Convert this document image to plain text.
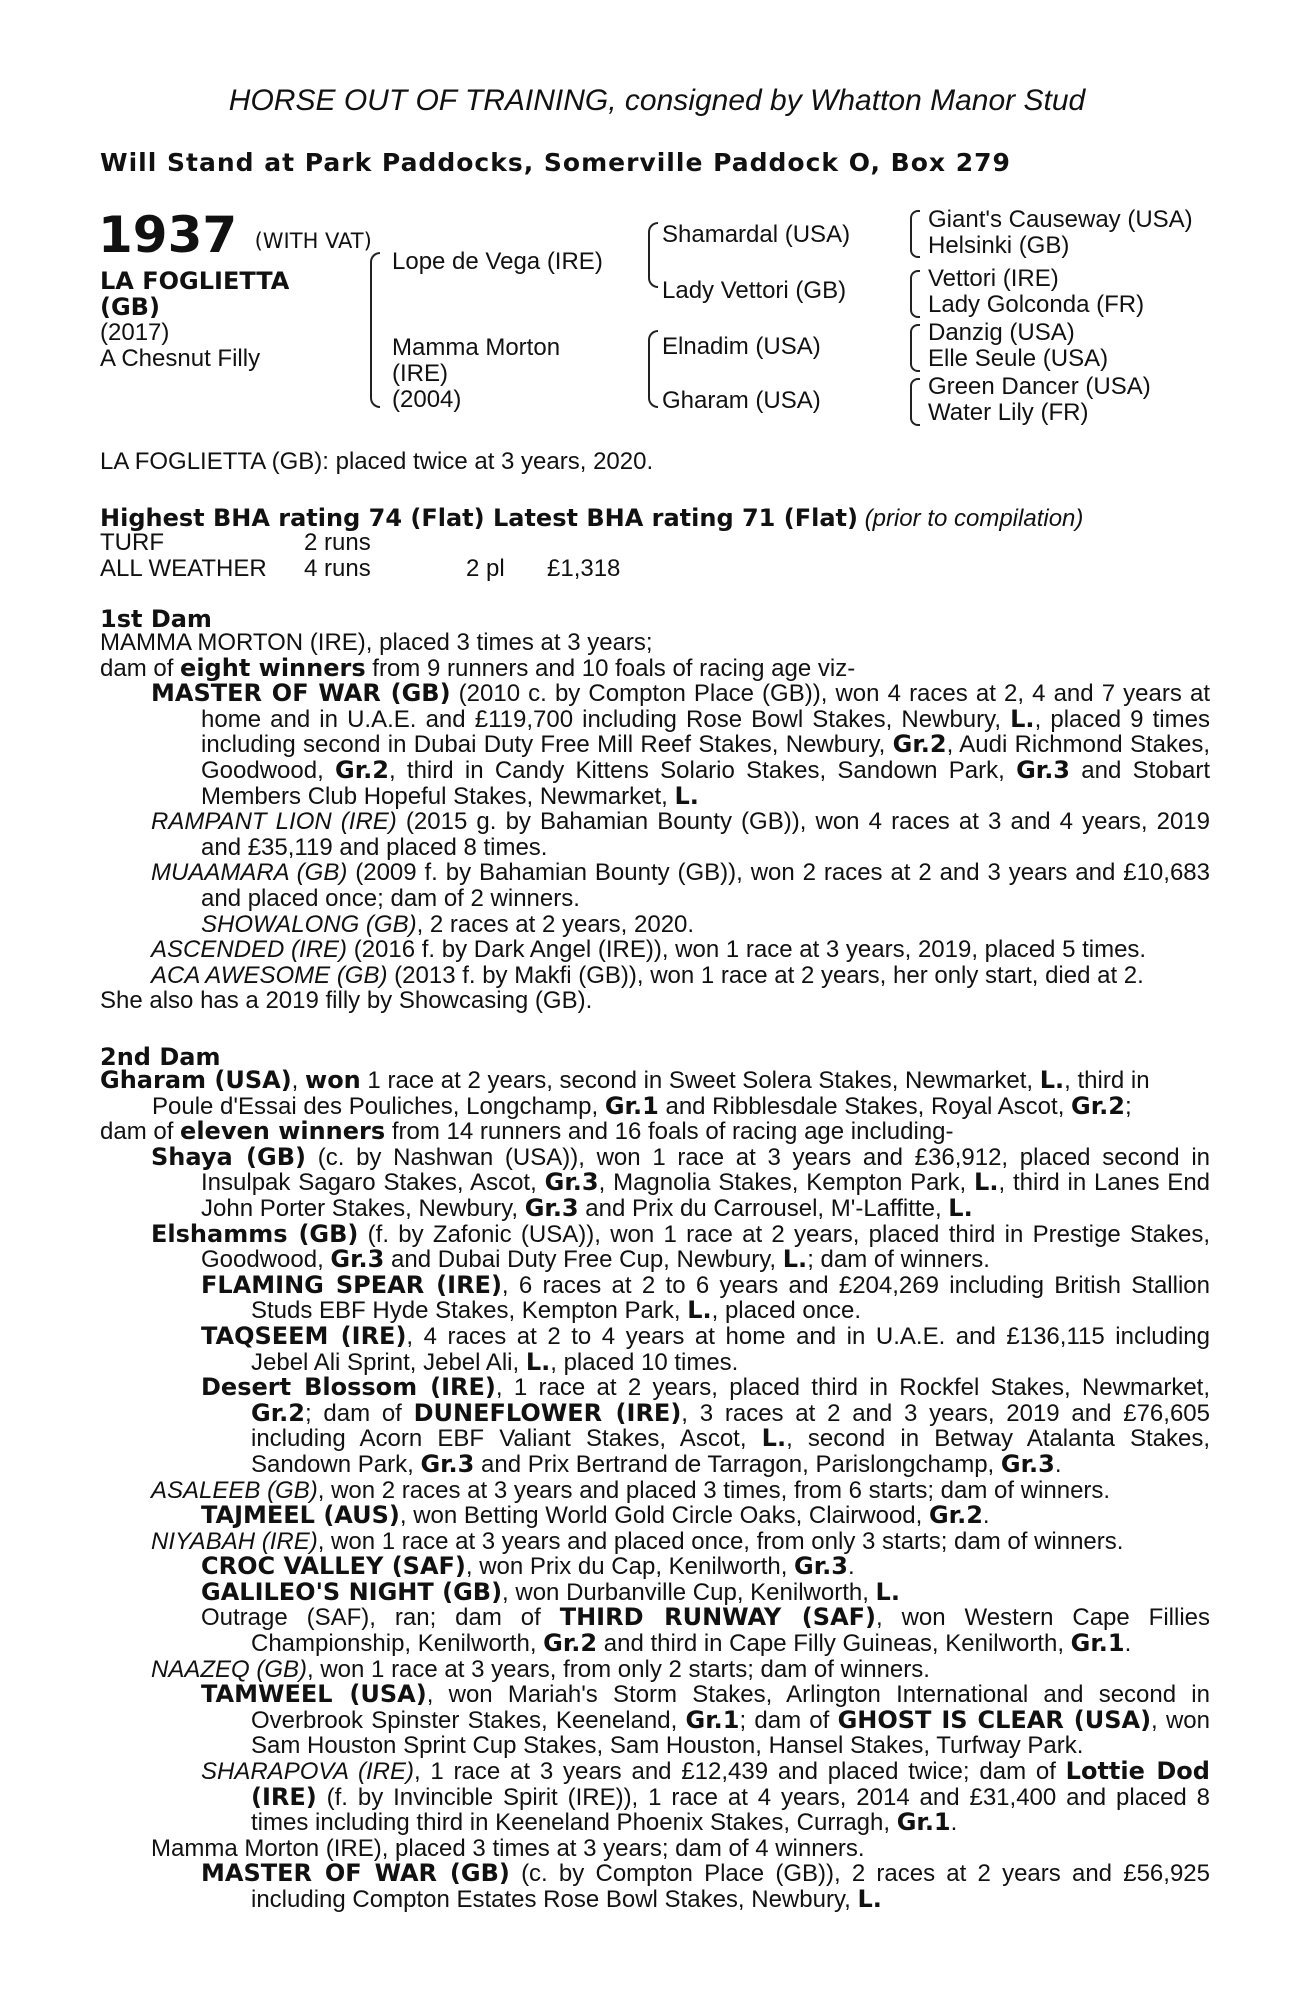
HORSE OUT OF TRAINING, consigned by Whatton Manor Stud
Will Stand at Park Paddocks, Somerville Paddock O, Box 279
1937 (WITH VAT)
LA FOGLIETTA
(GB)
(2017)
A Chesnut Filly
Lope de Vega (IRE)
Mamma Morton
(IRE)
(2004)
Shamardal (USA)
Lady Vettori (GB)
Elnadim (USA)
Gharam (USA)
Giant's Causeway (USA)
Helsinki (GB)
Vettori (IRE)
Lady Golconda (FR)
Danzig (USA)
Elle Seule (USA)
Green Dancer (USA)
Water Lily (FR)
LA FOGLIETTA (GB): placed twice at 3 years, 2020.
Highest BHA rating 74 (Flat) Latest BHA rating 71 (Flat) (prior to compilation)
TURF	2 runs
ALL WEATHER 4 runs	2 pl £1,318
1st Dam

MAMMA MORTON (IRE), placed 3 times at 3 years;

dam of eight winners from 9 runners and 10 foals of racing age viz-

MASTER OF WAR (GB) (2010 c. by Compton Place (GB)), won 4 races at 2, 4 and 7 years at home and in U.A.E. and £119,700 including Rose Bowl Stakes, Newbury, L., placed 9 times including second in Dubai Duty Free Mill Reef Stakes, Newbury, Gr.2, Audi Richmond Stakes, Goodwood, Gr.2, third in Candy Kittens Solario Stakes, Sandown Park, Gr.3 and Stobart Members Club Hopeful Stakes, Newmarket, L.

RAMPANT LION (IRE) (2015 g. by Bahamian Bounty (GB)), won 4 races at 3 and 4 years, 2019 and £35,119 and placed 8 times.

MUAAMARA (GB) (2009 f. by Bahamian Bounty (GB)), won 2 races at 2 and 3 years and £10,683 and placed once; dam of 2 winners.

SHOWALONG (GB), 2 races at 2 years, 2020.

ASCENDED (IRE) (2016 f. by Dark Angel (IRE)), won 1 race at 3 years, 2019, placed 5 times.

ACA AWESOME (GB) (2013 f. by Makfi (GB)), won 1 race at 2 years, her only start, died at 2.

She also has a 2019 filly by Showcasing (GB).

2nd Dam

Gharam (USA), won 1 race at 2 years, second in Sweet Solera Stakes, Newmarket, L., third in Poule d'Essai des Pouliches, Longchamp, Gr.1 and Ribblesdale Stakes, Royal Ascot, Gr.2;

dam of eleven winners from 14 runners and 16 foals of racing age including-

Shaya (GB) (c. by Nashwan (USA)), won 1 race at 3 years and £36,912, placed second in Insulpak Sagaro Stakes, Ascot, Gr.3, Magnolia Stakes, Kempton Park, L., third in Lanes End John Porter Stakes, Newbury, Gr.3 and Prix du Carrousel, M'-Laffitte, L.

Elshamms (GB) (f. by Zafonic (USA)), won 1 race at 2 years, placed third in Prestige Stakes, Goodwood, Gr.3 and Dubai Duty Free Cup, Newbury, L.; dam of winners.

FLAMING SPEAR (IRE), 6 races at 2 to 6 years and £204,269 including British Stallion Studs EBF Hyde Stakes, Kempton Park, L., placed once.

TAQSEEM (IRE), 4 races at 2 to 4 years at home and in U.A.E. and £136,115 including Jebel Ali Sprint, Jebel Ali, L., placed 10 times.

Desert Blossom (IRE), 1 race at 2 years, placed third in Rockfel Stakes, Newmarket, Gr.2; dam of DUNEFLOWER (IRE), 3 races at 2 and 3 years, 2019 and £76,605 including Acorn EBF Valiant Stakes, Ascot, L., second in Betway Atalanta Stakes, Sandown Park, Gr.3 and Prix Bertrand de Tarragon, Parislongchamp, Gr.3.

ASALEEB (GB), won 2 races at 3 years and placed 3 times, from 6 starts; dam of winners.

TAJMEEL (AUS), won Betting World Gold Circle Oaks, Clairwood, Gr.2.

NIYABAH (IRE), won 1 race at 3 years and placed once, from only 3 starts; dam of winners.

CROC VALLEY (SAF), won Prix du Cap, Kenilworth, Gr.3.

GALILEO'S NIGHT (GB), won Durbanville Cup, Kenilworth, L.

Outrage (SAF), ran; dam of THIRD RUNWAY (SAF), won Western Cape Fillies Championship, Kenilworth, Gr.2 and third in Cape Filly Guineas, Kenilworth, Gr.1.

NAAZEQ (GB), won 1 race at 3 years, from only 2 starts; dam of winners.

TAMWEEL (USA), won Mariah's Storm Stakes, Arlington International and second in Overbrook Spinster Stakes, Keeneland, Gr.1; dam of GHOST IS CLEAR (USA), won Sam Houston Sprint Cup Stakes, Sam Houston, Hansel Stakes, Turfway Park.

SHARAPOVA (IRE), 1 race at 3 years and £12,439 and placed twice; dam of Lottie Dod (IRE) (f. by Invincible Spirit (IRE)), 1 race at 4 years, 2014 and £31,400 and placed 8 times including third in Keeneland Phoenix Stakes, Curragh, Gr.1.

Mamma Morton (IRE), placed 3 times at 3 years; dam of 4 winners.

MASTER OF WAR (GB) (c. by Compton Place (GB)), 2 races at 2 years and £56,925 including Compton Estates Rose Bowl Stakes, Newbury, L.
